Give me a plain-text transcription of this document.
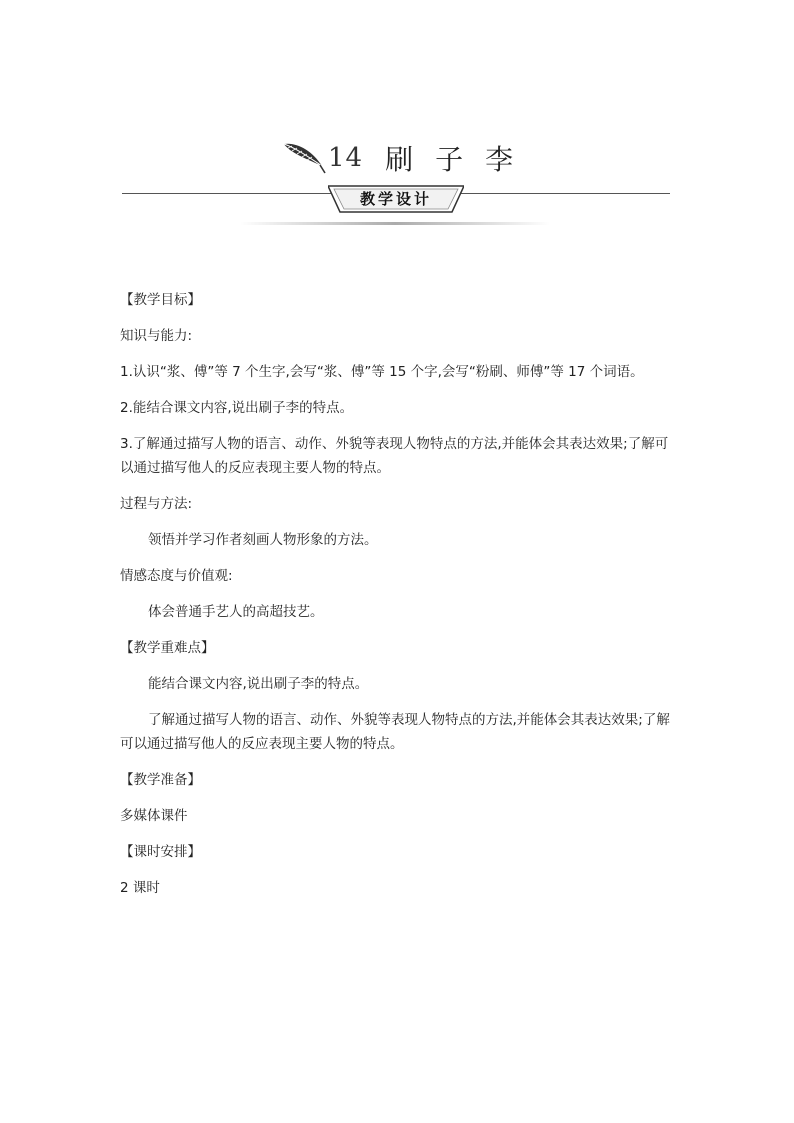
14 刷子李
教学设计

【教学目标】

知识与能力:

1.认识“浆、傅”等 7 个生字,会写“浆、傅”等 15 个字,会写“粉刷、师傅”等 17 个词语。

2.能结合课文内容,说出刷子李的特点。

3.了解通过描写人物的语言、动作、外貌等表现人物特点的方法,并能体会其表达效果;了解可以通过描写他人的反应表现主要人物的特点。

过程与方法:

领悟并学习作者刻画人物形象的方法。

情感态度与价值观:

体会普通手艺人的高超技艺。

【教学重难点】

能结合课文内容,说出刷子李的特点。

了解通过描写人物的语言、动作、外貌等表现人物特点的方法,并能体会其表达效果;了解可以通过描写他人的反应表现主要人物的特点。

【教学准备】

多媒体课件

【课时安排】

2 课时
